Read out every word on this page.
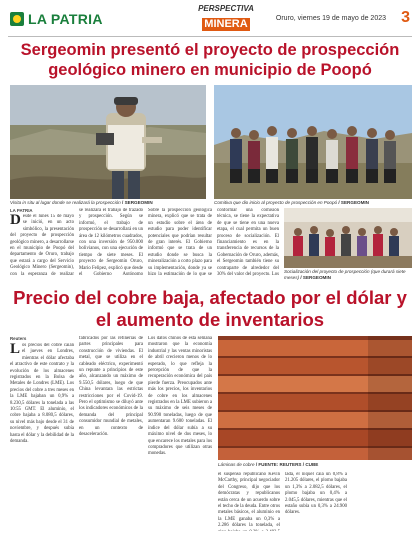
LA PATRIA
PERSPECTIVA
MINERA	Oruro, viernes 19 de mayo de 2023 3
Sergeomin presentó el proyecto de prospección geológico minero en municipio de Poopó
Visita in situ al lugar donde se realizará la prospección / SERGEOMIN	Comitiva que dio inicio al proyecto de prospección en Poopó / SERGEOMIN
LA PATRIA
Desde el lunes 15 de mayo se inició, en un acto simbólico, la presentación del proyecto de prospección geológico minero, a desarrollarse en el municipio de Poopó del departamento de Oruro, trabajo que estará a cargo del Servicio Geológico Minero (Sergeomin), con la esperanza de realizar
se realizará el trabajo de trazado y prospección. Según se informó, el trabajo de prospección se desarrollará en un área de 12 kilómetros cuadrados, con una inversión de 950.000 bolivianos, con una ejecución de tiempo de siete meses. El proyecto de Sergeomin Oruro, Mario Felipez, explicó que desde el Gobierno Autónomo
Sobre la prospección geológica minera, explicó que se trata de un estudio sobre el área de estudio para poder identificar potenciales que podrían resultar de gran interés. El Gobierno informó que se trata de un estudio donde se busca la mineralización a corto plazo para su implementación, donde ya se hizo la estimación de lo que se
conformar una comisión técnica, se tiene la expectativa de que se tiene en una nueva etapa, el cual permita un buen proceso de socialización. El financiamiento es en la transferencia de recursos de la Gobernación de Oruro, además, el Sergeomin también tiene su contraparte de alrededor del 30% del valor del proyecto. Los
Socialización del proyecto de prospección (que durará siete meses) / SERGEOMIN
Precio del cobre baja, afectado por el dólar y el aumento de inventarios
Reuters
Los precios del cobre caían el jueves en Londres, mientras el dólar afectaba el atractivo de este contrato y la evolución de los almacenes registrados en la Bolsa de Metales de Londres (LME). Los precios del cobre a tres meses en la LME bajaban un 0,9% a 8.230,5 dólares la tonelada a las 10:55 GMT. El aluminio, el cobre bajaba a 8.080,5 dólares, su nivel más bajo desde el 31 de noviembre, y después subía hasta el dólar y la debilidad de la demanda.
fabricados por las refinerías de partes principales para construcción de viviendas. El metal, que se utiliza en el cableado eléctrico, experimentó un repunte a principios de este año, alcanzando un máximo de 9.550,5 dólares, luego de que China levantara las estrictas restricciones por el Covid-19. Pero el optimismo se diluyó ante los indicadores económicos de la demanda del principal consumidor mundial de metales, en un contexto de desaceleración.
Los datos chinos de esta semana mostraron que la economía industrial y las ventas minoristas de abril crecieron menos de lo esperado, lo que refleja la percepción de que la recuperación económica del país pierde fuerza. Preocupados ante más los precios, los inventarios de cobre en los almacenes registrados en la LME subieron a su máximo de seis meses de 90.990 toneladas, luego de que aumentaran 9.600 toneladas. El índice del dólar subía a su máximo nivel de dos meses, lo que encarece los metales para los compradores que utilizan otras monedas.
Láminas de cobre / FUENTE: REUTERS / CUBE
el suspenso republicano Kevin McCarthy, principal negociador del Congreso, dijo que los demócratas y republicanos están cerca de un acuerdo sobre el techo de la deuda. Entre otros metales básicos, el aluminio en la LME ganaba un 0,3% a 2.286 dólares la tonelada, el
lada, el níquel caía un 0,8% a 21.205 dólares, el plomo bajaba un 1,3% a 2.082,5 dólares, el plomo bajaba un 0,4% a 2.045,5 dólares, mientras que el estaño subía un 0,3% a 24.900 dólares.
